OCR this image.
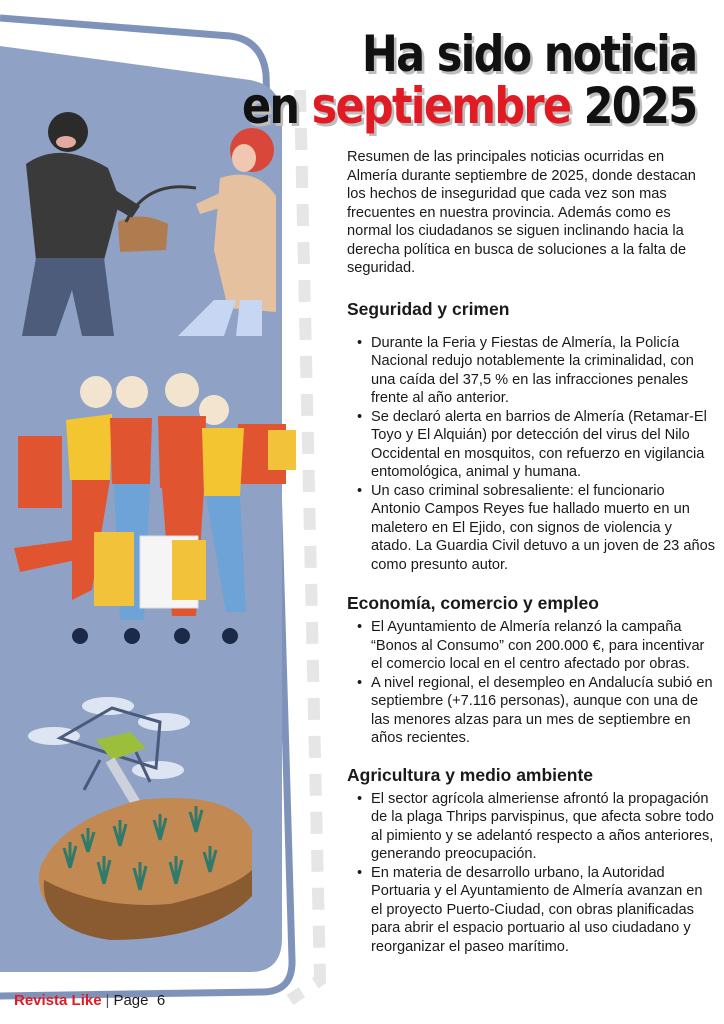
Ha sido noticia
en septiembre 2025

Resumen de las principales noticias ocurridas en Almería durante septiembre de 2025, donde destacan los hechos de inseguridad que cada vez son mas frecuentes en nuestra provincia. Además como es normal los ciudadanos se siguen inclinando hacia la derecha política en busca de soluciones a la falta de seguridad.

Seguridad y crimen
• Durante la Feria y Fiestas de Almería, la Policía Nacional redujo notablemente la criminalidad, con una caída del 37,5 % en las infracciones penales frente al año anterior.
• Se declaró alerta en barrios de Almería (Retamar-El Toyo y El Alquián) por detección del virus del Nilo Occidental en mosquitos, con refuerzo en vigilancia entomológica, animal y humana.
• Un caso criminal sobresaliente: el funcionario Antonio Campos Reyes fue hallado muerto en un maletero en El Ejido, con signos de violencia y atado. La Guardia Civil detuvo a un joven de 23 años como presunto autor.
Economía, comercio y empleo
• El Ayuntamiento de Almería relanzó la campaña “Bonos al Consumo” con 200.000 €, para incentivar el comercio local en el centro afectado por obras.
• A nivel regional, el desempleo en Andalucía subió en septiembre (+7.116 personas), aunque con una de las menores alzas para un mes de septiembre en años recientes.
Agricultura y medio ambiente
• El sector agrícola almeriense afrontó la propagación de la plaga Thrips parvispinus, que afecta sobre todo al pimiento y se adelantó respecto a años anteriores, generando preocupación.
• En materia de desarrollo urbano, la Autoridad Portuaria y el Ayuntamiento de Almería avanzan en el proyecto Puerto-Ciudad, con obras planificadas para abrir el espacio portuario al uso ciudadano y reorganizar el paseo marítimo.
Revista Like | Page 6
